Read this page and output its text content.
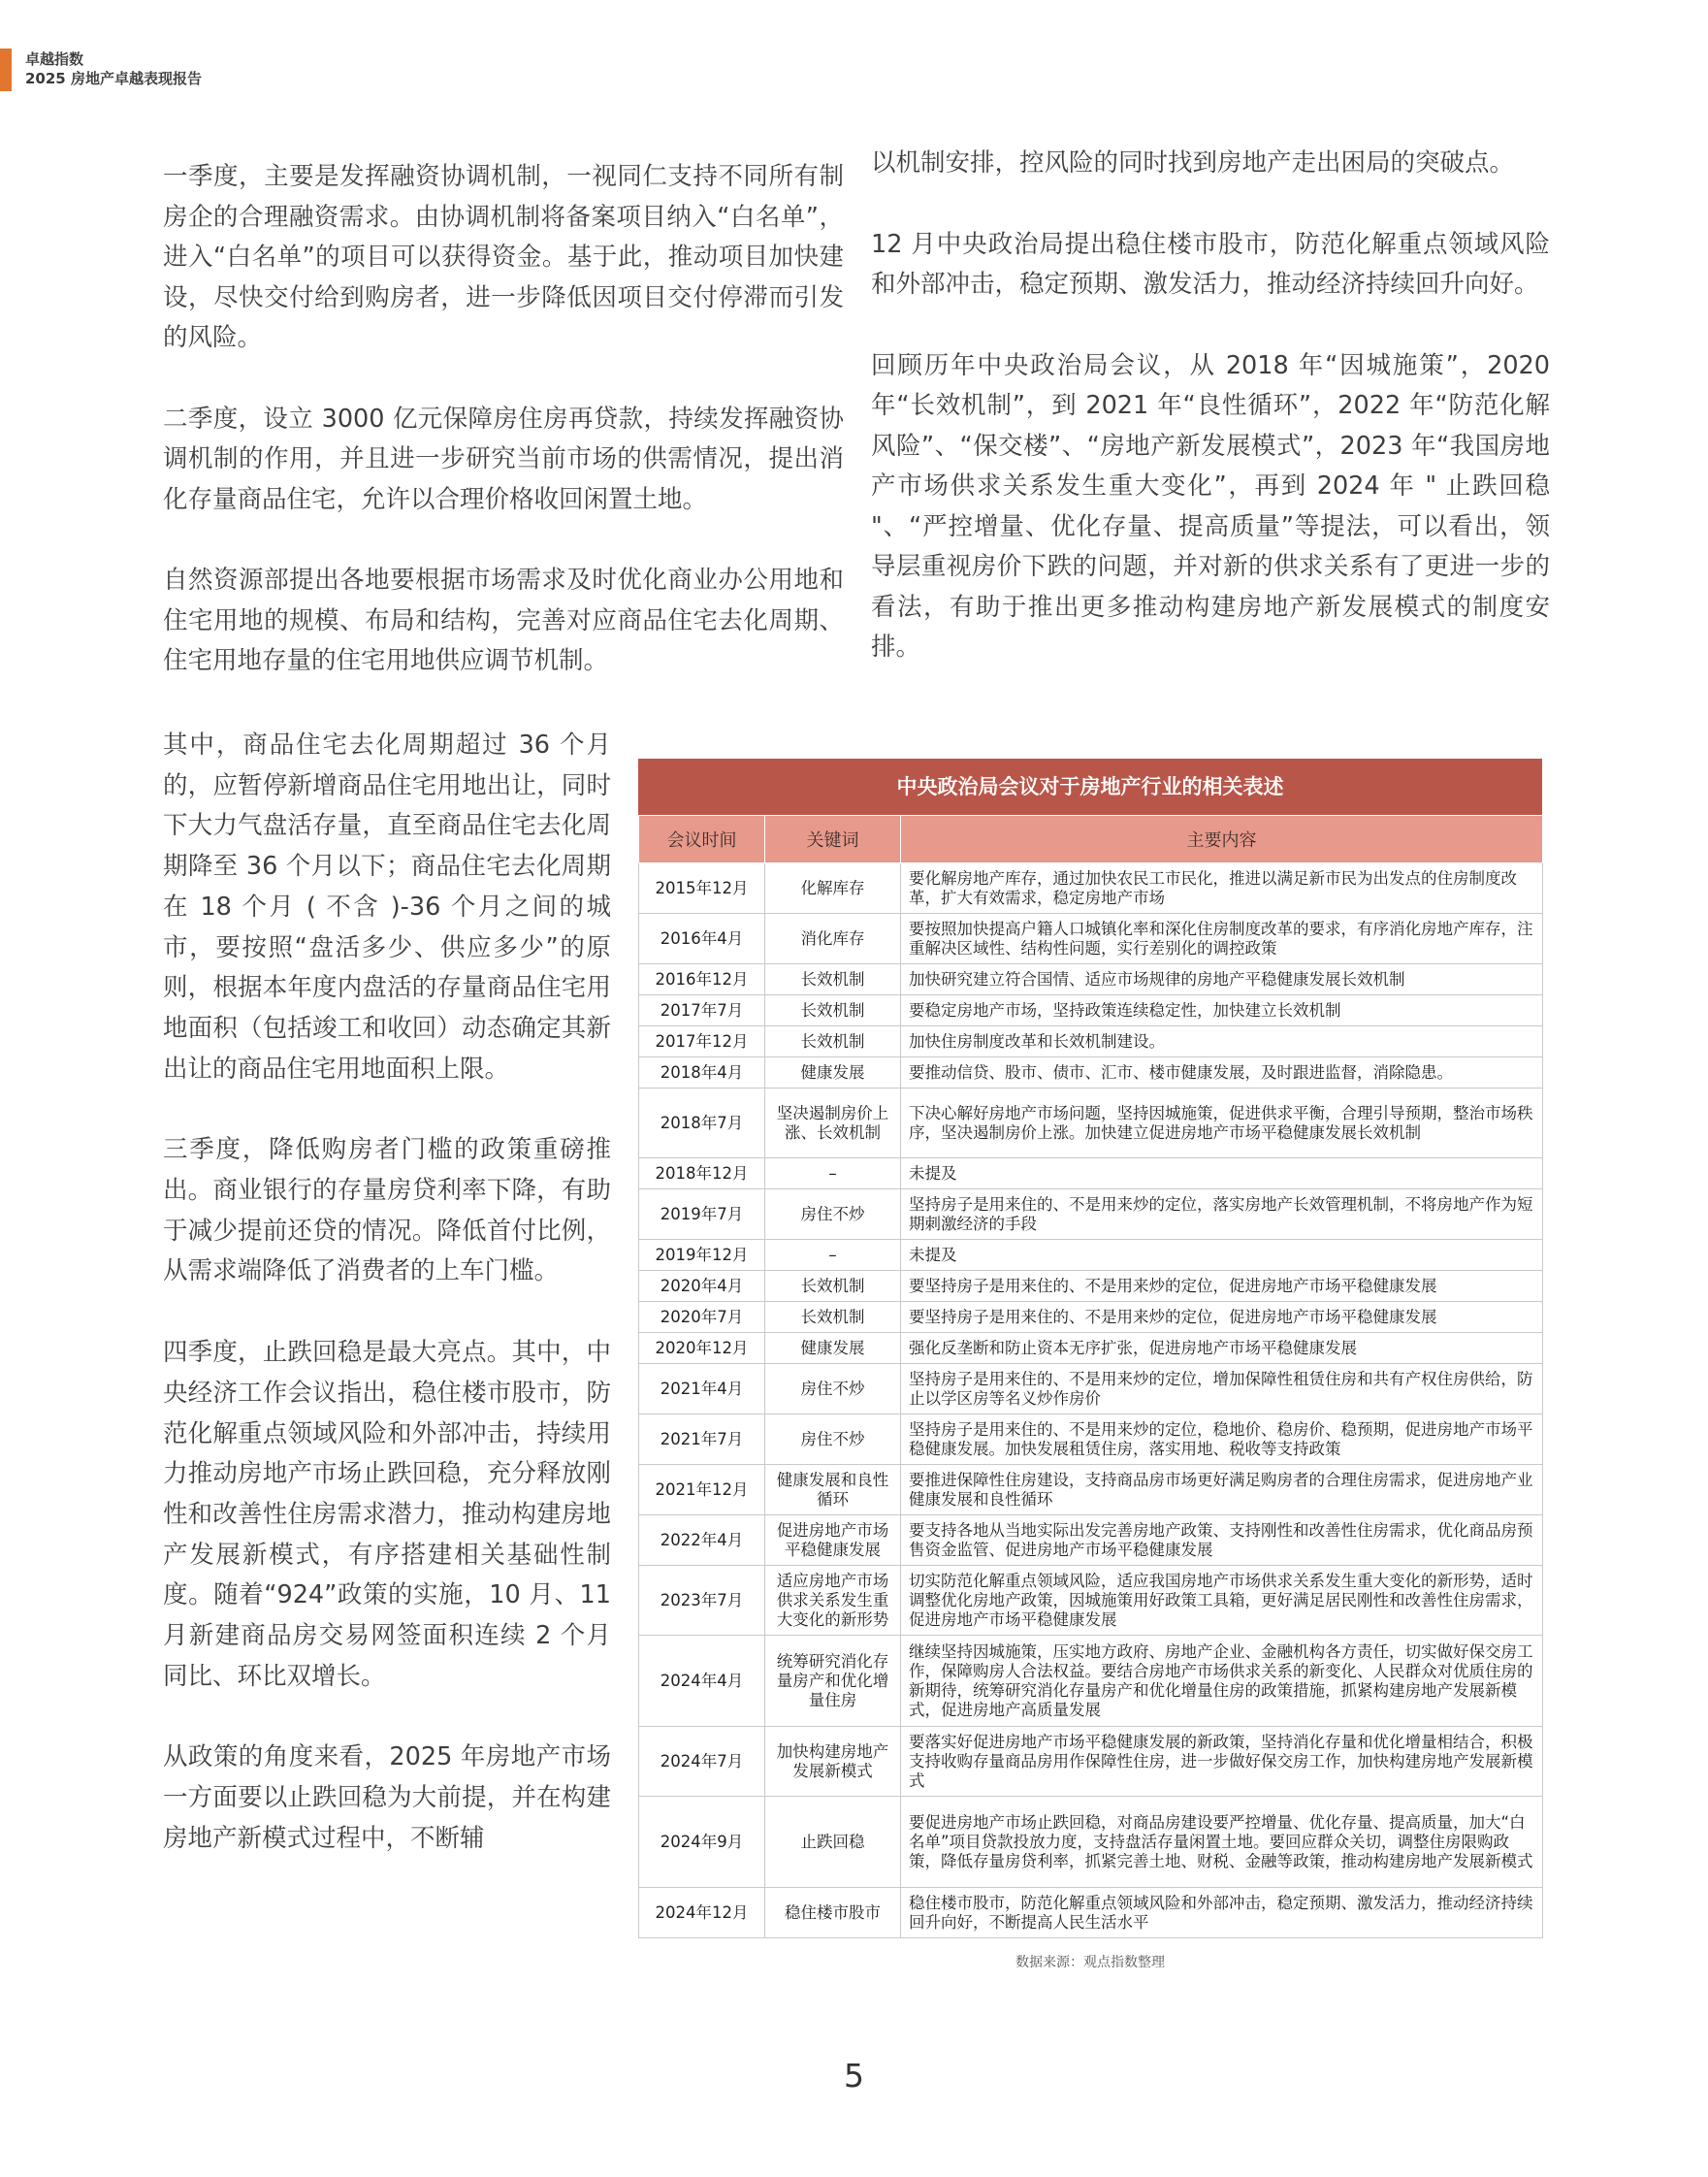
卓越指数
2025 房地产卓越表现报告

一季度，主要是发挥融资协调机制，一视同仁支持不同所有制房企的合理融资需求。由协调机制将备案项目纳入“白名单”，进入“白名单”的项目可以获得资金。基于此，推动项目加快建设，尽快交付给到购房者，进一步降低因项目交付停滞而引发的风险。

二季度，设立 3000 亿元保障房住房再贷款，持续发挥融资协调机制的作用，并且进一步研究当前市场的供需情况，提出消化存量商品住宅，允许以合理价格收回闲置土地。

自然资源部提出各地要根据市场需求及时优化商业办公用地和住宅用地的规模、布局和结构，完善对应商品住宅去化周期、住宅用地存量的住宅用地供应调节机制。

其中，商品住宅去化周期超过 36 个月的，应暂停新增商品住宅用地出让，同时下大力气盘活存量，直至商品住宅去化周期降至 36 个月以下；商品住宅去化周期在 18 个月 ( 不含 )-36 个月之间的城市，要按照“盘活多少、供应多少”的原则，根据本年度内盘活的存量商品住宅用地面积（包括竣工和收回）动态确定其新出让的商品住宅用地面积上限。

三季度，降低购房者门槛的政策重磅推出。商业银行的存量房贷利率下降，有助于减少提前还贷的情况。降低首付比例，从需求端降低了消费者的上车门槛。

四季度，止跌回稳是最大亮点。其中，中央经济工作会议指出，稳住楼市股市，防范化解重点领域风险和外部冲击，持续用力推动房地产市场止跌回稳，充分释放刚性和改善性住房需求潜力，推动构建房地产发展新模式，有序搭建相关基础性制度。随着“924”政策的实施，10 月、11 月新建商品房交易网签面积连续 2 个月同比、环比双增长。

从政策的角度来看，2025 年房地产市场一方面要以止跌回稳为大前提，并在构建房地产新模式过程中，不断辅

以机制安排，控风险的同时找到房地产走出困局的突破点。

12 月中央政治局提出稳住楼市股市，防范化解重点领域风险和外部冲击，稳定预期、激发活力，推动经济持续回升向好。

回顾历年中央政治局会议，从 2018 年“因城施策”，2020 年“长效机制”，到 2021 年“良性循环”，2022 年“防范化解风险”、“保交楼”、“房地产新发展模式”，2023 年“我国房地产市场供求关系发生重大变化”，再到 2024 年 " 止跌回稳 "、“严控增量、优化存量、提高质量”等提法，可以看出，领导层重视房价下跌的问题，并对新的供求关系有了更进一步的看法，有助于推出更多推动构建房地产新发展模式的制度安排。

中央政治局会议对于房地产行业的相关表述
会议时间	关键词	主要内容
2015年12月	化解库存	要化解房地产库存，通过加快农民工市民化，推进以满足新市民为出发点的住房制度改革，扩大有效需求，稳定房地产市场
2016年4月	消化库存	要按照加快提高户籍人口城镇化率和深化住房制度改革的要求，有序消化房地产库存，注重解决区域性、结构性问题，实行差别化的调控政策
2016年12月	长效机制	加快研究建立符合国情、适应市场规律的房地产平稳健康发展长效机制
2017年7月	长效机制	要稳定房地产市场，坚持政策连续稳定性，加快建立长效机制
2017年12月	长效机制	加快住房制度改革和长效机制建设。
2018年4月	健康发展	要推动信贷、股市、债市、汇市、楼市健康发展，及时跟进监督，消除隐患。
2018年7月	坚决遏制房价上涨、长效机制	下决心解好房地产市场问题，坚持因城施策，促进供求平衡，合理引导预期，整治市场秩序，坚决遏制房价上涨。加快建立促进房地产市场平稳健康发展长效机制
2018年12月	–	未提及
2019年7月	房住不炒	坚持房子是用来住的、不是用来炒的定位，落实房地产长效管理机制，不将房地产作为短期刺激经济的手段
2019年12月	–	未提及
2020年4月	长效机制	要坚持房子是用来住的、不是用来炒的定位，促进房地产市场平稳健康发展
2020年7月	长效机制	要坚持房子是用来住的、不是用来炒的定位，促进房地产市场平稳健康发展
2020年12月	健康发展	强化反垄断和防止资本无序扩张，促进房地产市场平稳健康发展
2021年4月	房住不炒	坚持房子是用来住的、不是用来炒的定位，增加保障性租赁住房和共有产权住房供给，防止以学区房等名义炒作房价
2021年7月	房住不炒	坚持房子是用来住的、不是用来炒的定位，稳地价、稳房价、稳预期，促进房地产市场平稳健康发展。加快发展租赁住房，落实用地、税收等支持政策
2021年12月	健康发展和良性循环	要推进保障性住房建设，支持商品房市场更好满足购房者的合理住房需求，促进房地产业健康发展和良性循环
2022年4月	促进房地产市场平稳健康发展	要支持各地从当地实际出发完善房地产政策、支持刚性和改善性住房需求，优化商品房预售资金监管、促进房地产市场平稳健康发展
2023年7月	适应房地产市场供求关系发生重大变化的新形势	切实防范化解重点领域风险，适应我国房地产市场供求关系发生重大变化的新形势，适时调整优化房地产政策，因城施策用好政策工具箱，更好满足居民刚性和改善性住房需求，促进房地产市场平稳健康发展
2024年4月	统筹研究消化存量房产和优化增量住房	继续坚持因城施策，压实地方政府、房地产企业、金融机构各方责任，切实做好保交房工作，保障购房人合法权益。要结合房地产市场供求关系的新变化、人民群众对优质住房的新期待，统筹研究消化存量房产和优化增量住房的政策措施，抓紧构建房地产发展新模式，促进房地产高质量发展
2024年7月	加快构建房地产发展新模式	要落实好促进房地产市场平稳健康发展的新政策，坚持消化存量和优化增量相结合，积极支持收购存量商品房用作保障性住房，进一步做好保交房工作，加快构建房地产发展新模式
2024年9月	止跌回稳	要促进房地产市场止跌回稳，对商品房建设要严控增量、优化存量、提高质量，加大“白名单”项目贷款投放力度，支持盘活存量闲置土地。要回应群众关切，调整住房限购政策，降低存量房贷利率，抓紧完善土地、财税、金融等政策，推动构建房地产发展新模式
2024年12月	稳住楼市股市	稳住楼市股市，防范化解重点领域风险和外部冲击，稳定预期、激发活力，推动经济持续回升向好，不断提高人民生活水平
数据来源：观点指数整理
5
